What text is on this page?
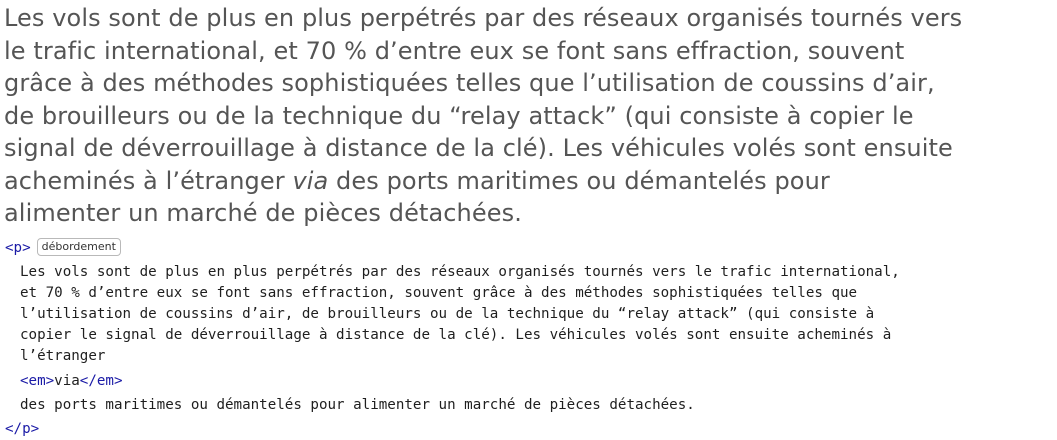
Les vols sont de plus en plus perpétrés par des réseaux organisés tournés vers
le trafic international, et 70 % d’entre eux se font sans effraction, souvent
grâce à des méthodes sophistiquées telles que l’utilisation de coussins d’air,
de brouilleurs ou de la technique du “relay attack” (qui consiste à copier le
signal de déverrouillage à distance de la clé). Les véhicules volés sont ensuite
acheminés à l’étranger via des ports maritimes ou démantelés pour
alimenter un marché de pièces détachées.

<p> débordement
Les vols sont de plus en plus perpétrés par des réseaux organisés tournés vers le trafic international,
et 70 % d’entre eux se font sans effraction, souvent grâce à des méthodes sophistiquées telles que
l’utilisation de coussins d’air, de brouilleurs ou de la technique du “relay attack” (qui consiste à
copier le signal de déverrouillage à distance de la clé). Les véhicules volés sont ensuite acheminés à
l’étranger
<em>via</em>
des ports maritimes ou démantelés pour alimenter un marché de pièces détachées.
</p>
